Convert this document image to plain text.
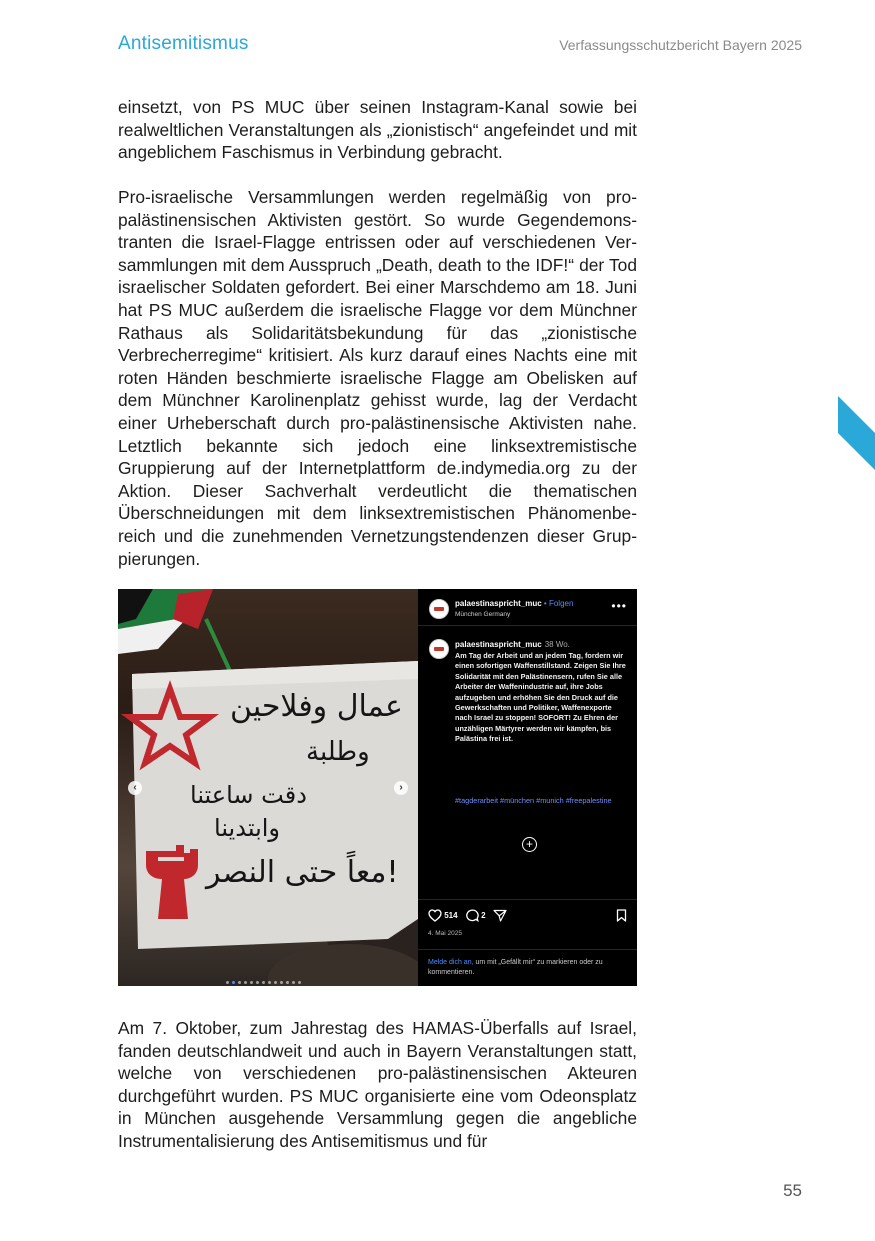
Antisemitismus	Verfassungsschutzbericht Bayern 2025
einsetzt, von PS MUC über seinen Instagram-Kanal sowie bei realweltlichen Veranstaltungen als „zionistisch“ angefeindet und mit angeblichem Faschismus in Verbindung gebracht.
Pro-israelische Versammlungen werden regelmäßig von propalästinensischen Aktivisten gestört. So wurde Gegendemonstranten die Israel-Flagge entrissen oder auf verschiedenen Versammlungen mit dem Ausspruch „Death, death to the IDF!“ der Tod israelischer Soldaten gefordert. Bei einer Marschdemo am 18. Juni hat PS MUC außerdem die israelische Flagge vor dem Münchner Rathaus als Solidaritätsbekundung für das „zionistische Verbrecherregime“ kritisiert. Als kurz darauf eines Nachts eine mit roten Händen beschmierte israelische Flagge am Obelisken auf dem Münchner Karolinenplatz gehisst wurde, lag der Verdacht einer Urheberschaft durch pro-palästinensische Aktivisten nahe. Letztlich bekannte sich jedoch eine linksextremistische Gruppierung auf der Internetplattform de.indymedia.org zu der Aktion. Dieser Sachverhalt verdeutlicht die thematischen Überschneidungen mit dem linksextremistischen Phänomenbereich und die zunehmenden Vernetzungstendenzen dieser Gruppierungen.
عمال وفلاحين
وطلبة
دقت ساعتنا
وابتدينا
معاً حتى النصر!
‹	›
palaestinaspricht_muc • Folgen
München Germany
•••
palaestinaspricht_muc 38 Wo.
Am Tag der Arbeit und an jedem Tag, fordern wir einen sofortigen Waffenstillstand. Zeigen Sie Ihre Solidarität mit den Palästinensern, rufen Sie alle Arbeiter der Waffenindustrie auf, ihre Jobs aufzugeben und erhöhen Sie den Druck auf die Gewerkschaften und Politiker, Waffenexporte nach Israel zu stoppen! SOFORT! Zu Ehren der unzähligen Märtyrer werden wir kämpfen, bis Palästina frei ist.
#tagderarbeit #münchen #munich #freepalestine
+
514	2
4. Mai 2025
Melde dich an, um mit „Gefällt mir“ zu markieren oder zu kommentieren.
Am 7. Oktober, zum Jahrestag des HAMAS-Überfalls auf Israel, fanden deutschlandweit und auch in Bayern Veranstaltungen statt, welche von verschiedenen pro-palästinensischen Akteuren durchgeführt wurden. PS MUC organisierte eine vom Odeonsplatz in München ausgehende Versammlung gegen die angebliche Instrumentalisierung des Antisemitismus und für
55
